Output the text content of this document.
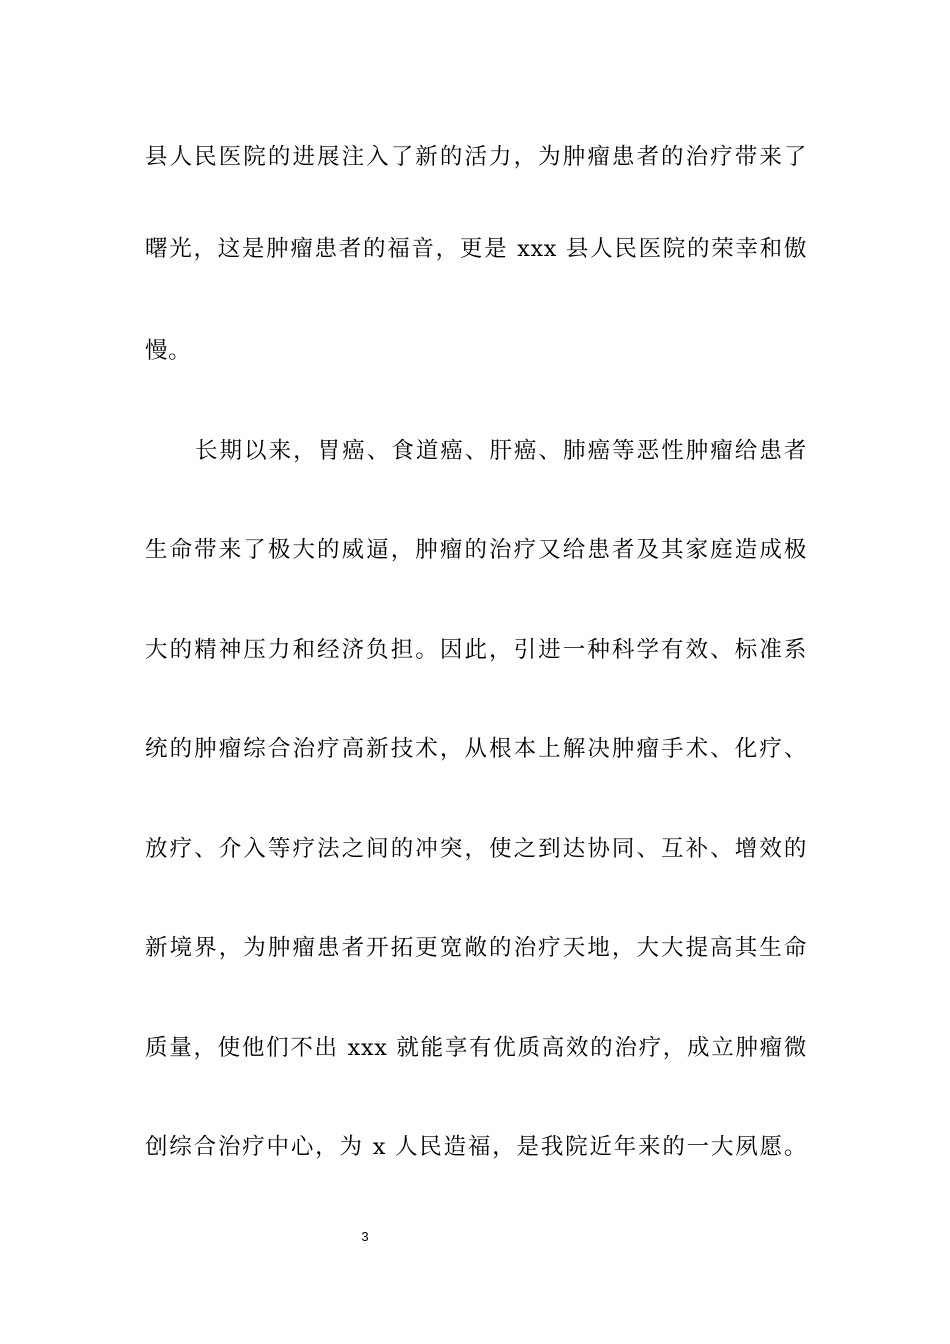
县人民医院的进展注入了新的活力，为肿瘤患者的治疗带来了
曙光，这是肿瘤患者的福音，更是 xxx 县人民医院的荣幸和傲
慢。
长期以来，胃癌、食道癌、肝癌、肺癌等恶性肿瘤给患者
生命带来了极大的威逼，肿瘤的治疗又给患者及其家庭造成极
大的精神压力和经济负担。因此，引进一种科学有效、标准系
统的肿瘤综合治疗高新技术，从根本上解决肿瘤手术、化疗、
放疗、介入等疗法之间的冲突，使之到达协同、互补、增效的
新境界，为肿瘤患者开拓更宽敞的治疗天地，大大提高其生命
质量，使他们不出 xxx 就能享有优质高效的治疗，成立肿瘤微
创综合治疗中心，为 x 人民造福，是我院近年来的一大夙愿。
3
